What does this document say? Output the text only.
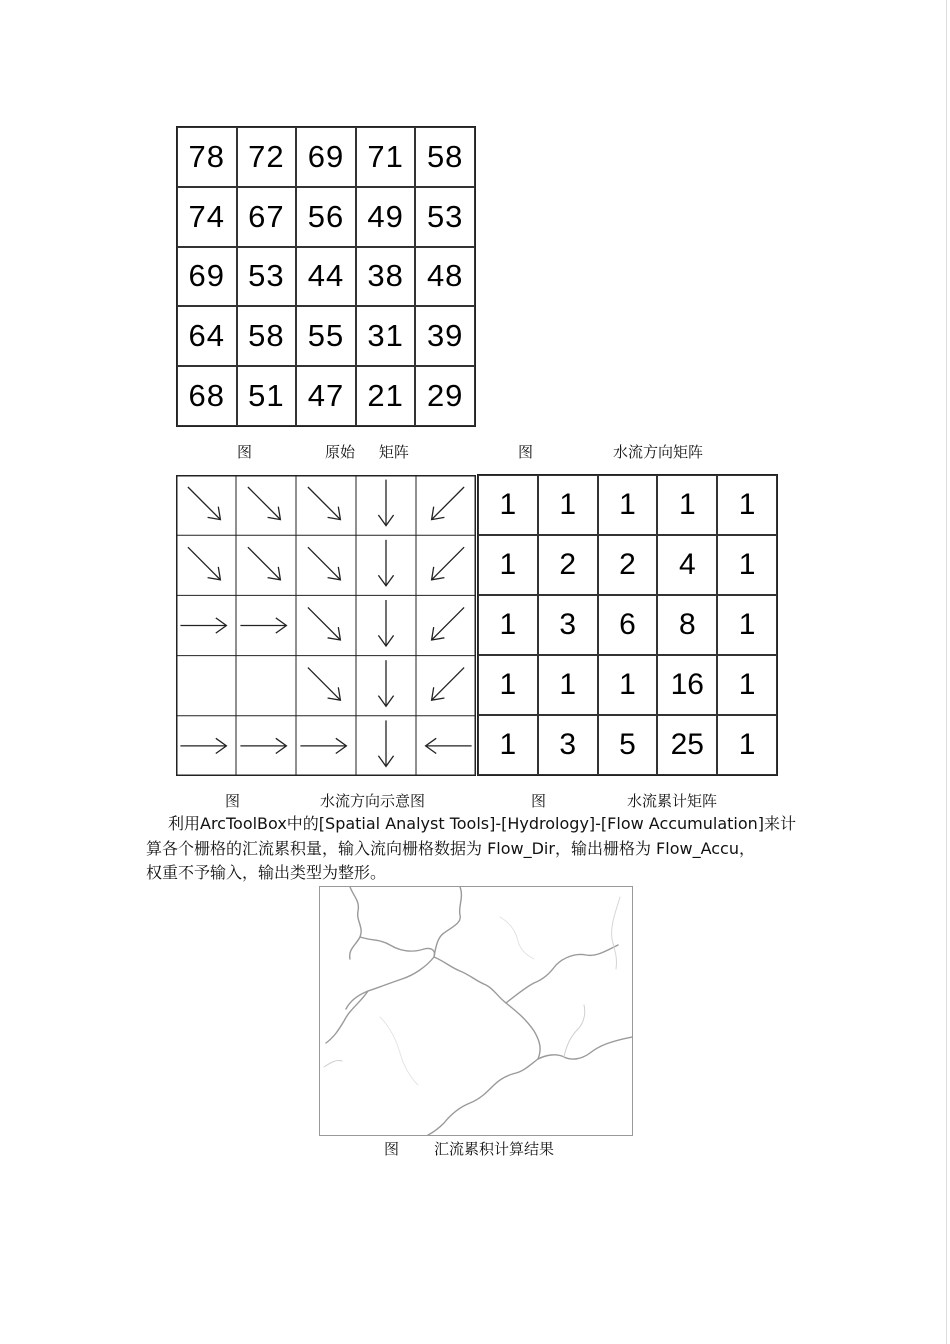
78 72 69 71 58
74 67 56 49 53
69 53 44 38 48
64 58 55 31 39
68 51 47 21 29
图	原始     矩阵	图	水流方向矩阵
1	1	1	1	1
1	2	2	4	1
1	3	6	8	1
1	1	1	16	1
1	3	5	25	1
图	水流方向示意图	图	水流累计矩阵
利用ArcToolBox中的[Spatial Analyst Tools]-[Hydrology]-[Flow Accumulation]来计
算各个栅格的汇流累积量，输入流向栅格数据为 Flow_Dir，输出栅格为 Flow_Accu，
权重不予输入，输出类型为整形。
图 汇流累积计算结果
